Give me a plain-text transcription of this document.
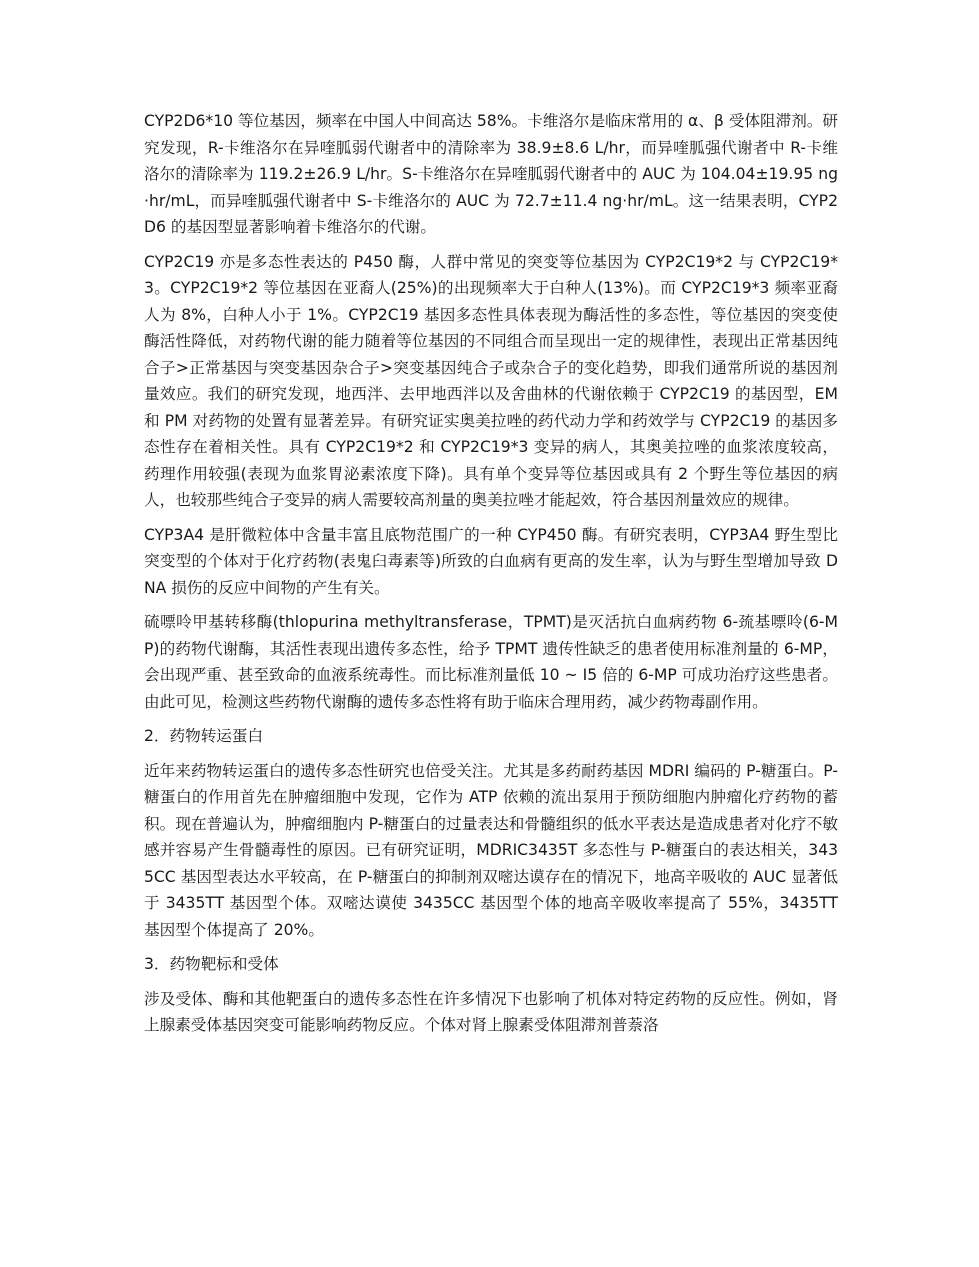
CYP2D6*10 等位基因，频率在中国人中间高达 58%。卡维洛尔是临床常用的 α、β 受体阻滞剂。研究发现，R-卡维洛尔在异喹胍弱代谢者中的清除率为 38.9±8.6 L/hr，而异喹胍强代谢者中 R-卡维洛尔的清除率为 119.2±26.9 L/hr。S-卡维洛尔在异喹胍弱代谢者中的 AUC 为 104.04±19.95 ng·hr/mL，而异喹胍强代谢者中 S-卡维洛尔的 AUC 为 72.7±11.4 ng·hr/mL。这一结果表明，CYP2D6 的基因型显著影响着卡维洛尔的代谢。

CYP2C19 亦是多态性表达的 P450 酶，人群中常见的突变等位基因为 CYP2C19*2 与 CYP2C19*3。CYP2C19*2 等位基因在亚裔人(25%)的出现频率大于白种人(13%)。而 CYP2C19*3 频率亚裔人为 8%，白种人小于 1%。CYP2C19 基因多态性具体表现为酶活性的多态性，等位基因的突变使酶活性降低，对药物代谢的能力随着等位基因的不同组合而呈现出一定的规律性，表现出正常基因纯合子>正常基因与突变基因杂合子>突变基因纯合子或杂合子的变化趋势，即我们通常所说的基因剂量效应。我们的研究发现，地西泮、去甲地西泮以及舍曲林的代谢依赖于 CYP2C19 的基因型，EM 和 PM 对药物的处置有显著差异。有研究证实奥美拉唑的药代动力学和药效学与 CYP2C19 的基因多态性存在着相关性。具有 CYP2C19*2 和 CYP2C19*3 变异的病人，其奥美拉唑的血浆浓度较高，药理作用较强(表现为血浆胃泌素浓度下降)。具有单个变异等位基因或具有 2 个野生等位基因的病人，也较那些纯合子变异的病人需要较高剂量的奥美拉唑才能起效，符合基因剂量效应的规律。

CYP3A4 是肝微粒体中含量丰富且底物范围广的一种 CYP450 酶。有研究表明，CYP3A4 野生型比突变型的个体对于化疗药物(表鬼臼毒素等)所致的白血病有更高的发生率，认为与野生型增加导致 DNA 损伤的反应中间物的产生有关。

硫嘌呤甲基转移酶(thlopurina methyltransferase，TPMT)是灭活抗白血病药物 6-巯基嘌呤(6-MP)的药物代谢酶，其活性表现出遗传多态性，给予 TPMT 遗传性缺乏的患者使用标准剂量的 6-MP，会出现严重、甚至致命的血液系统毒性。而比标准剂量低 10 ~ I5 倍的 6-MP 可成功治疗这些患者。由此可见，检测这些药物代谢酶的遗传多态性将有助于临床合理用药，减少药物毒副作用。

2．药物转运蛋白

近年来药物转运蛋白的遗传多态性研究也倍受关注。尤其是多药耐药基因 MDRI 编码的 P-糖蛋白。P-糖蛋白的作用首先在肿瘤细胞中发现，它作为 ATP 依赖的流出泵用于预防细胞内肿瘤化疗药物的蓄积。现在普遍认为，肿瘤细胞内 P-糖蛋白的过量表达和骨髓组织的低水平表达是造成患者对化疗不敏感并容易产生骨髓毒性的原因。已有研究证明，MDRIC3435T 多态性与 P-糖蛋白的表达相关，3435CC 基因型表达水平较高，在 P-糖蛋白的抑制剂双嘧达谟存在的情况下，地高辛吸收的 AUC 显著低于 3435TT 基因型个体。双嘧达谟使 3435CC 基因型个体的地高辛吸收率提高了 55%，3435TT 基因型个体提高了 20%。

3．药物靶标和受体

涉及受体、酶和其他靶蛋白的遗传多态性在许多情况下也影响了机体对特定药物的反应性。例如，肾上腺素受体基因突变可能影响药物反应。个体对肾上腺素受体阻滞剂普萘洛
